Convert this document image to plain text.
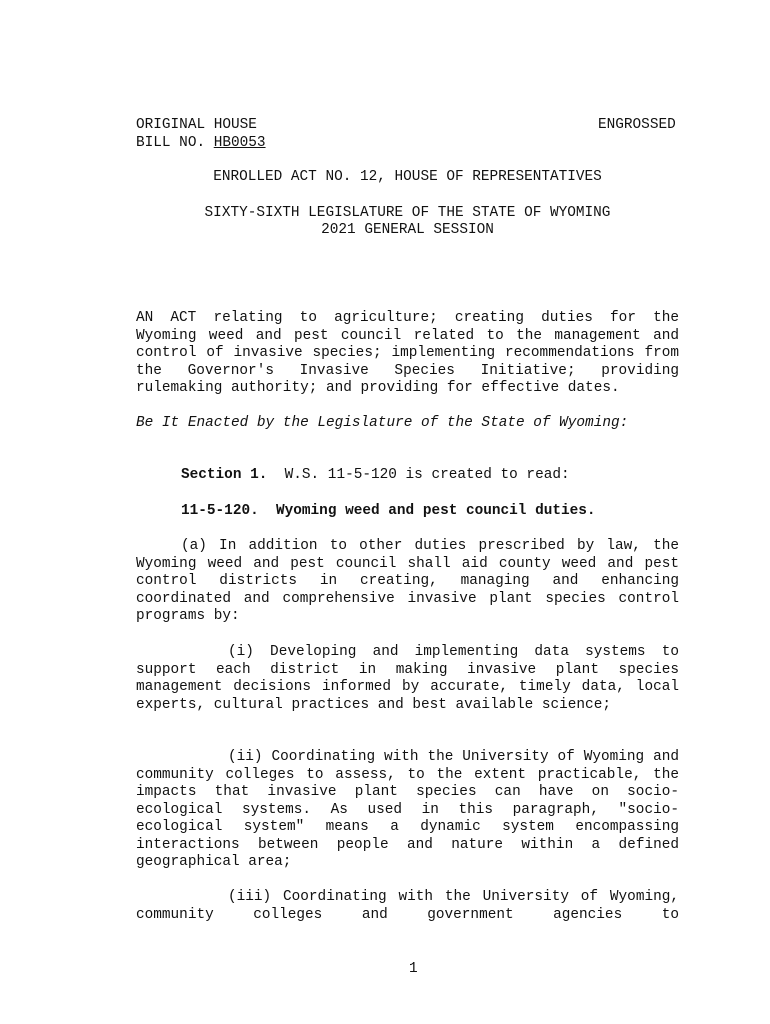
ORIGINAL HOUSE	ENGROSSED
BILL NO. HB0053
ENROLLED ACT NO. 12, HOUSE OF REPRESENTATIVES
SIXTY-SIXTH LEGISLATURE OF THE STATE OF WYOMING
2021 GENERAL SESSION

AN ACT relating to agriculture; creating duties for the Wyoming weed and pest council related to the management and control of invasive species; implementing recommendations from the Governor's Invasive Species Initiative; providing rulemaking authority; and providing for effective dates.

Be It Enacted by the Legislature of the State of Wyoming:

Section 1.  W.S. 11-5-120 is created to read:

11-5-120.  Wyoming weed and pest council duties.

(a) In addition to other duties prescribed by law, the Wyoming weed and pest council shall aid county weed and pest control districts in creating, managing and enhancing coordinated and comprehensive invasive plant species control programs by:

(i) Developing and implementing data systems to support each district in making invasive plant species management decisions informed by accurate, timely data, local experts, cultural practices and best available science;

(ii) Coordinating with the University of Wyoming and community colleges to assess, to the extent practicable, the impacts that invasive plant species can have on socio-ecological systems. As used in this paragraph, "socio-ecological system" means a dynamic system encompassing interactions between people and nature within a defined geographical area;

(iii) Coordinating with the University of Wyoming, community colleges and government agencies to

1
